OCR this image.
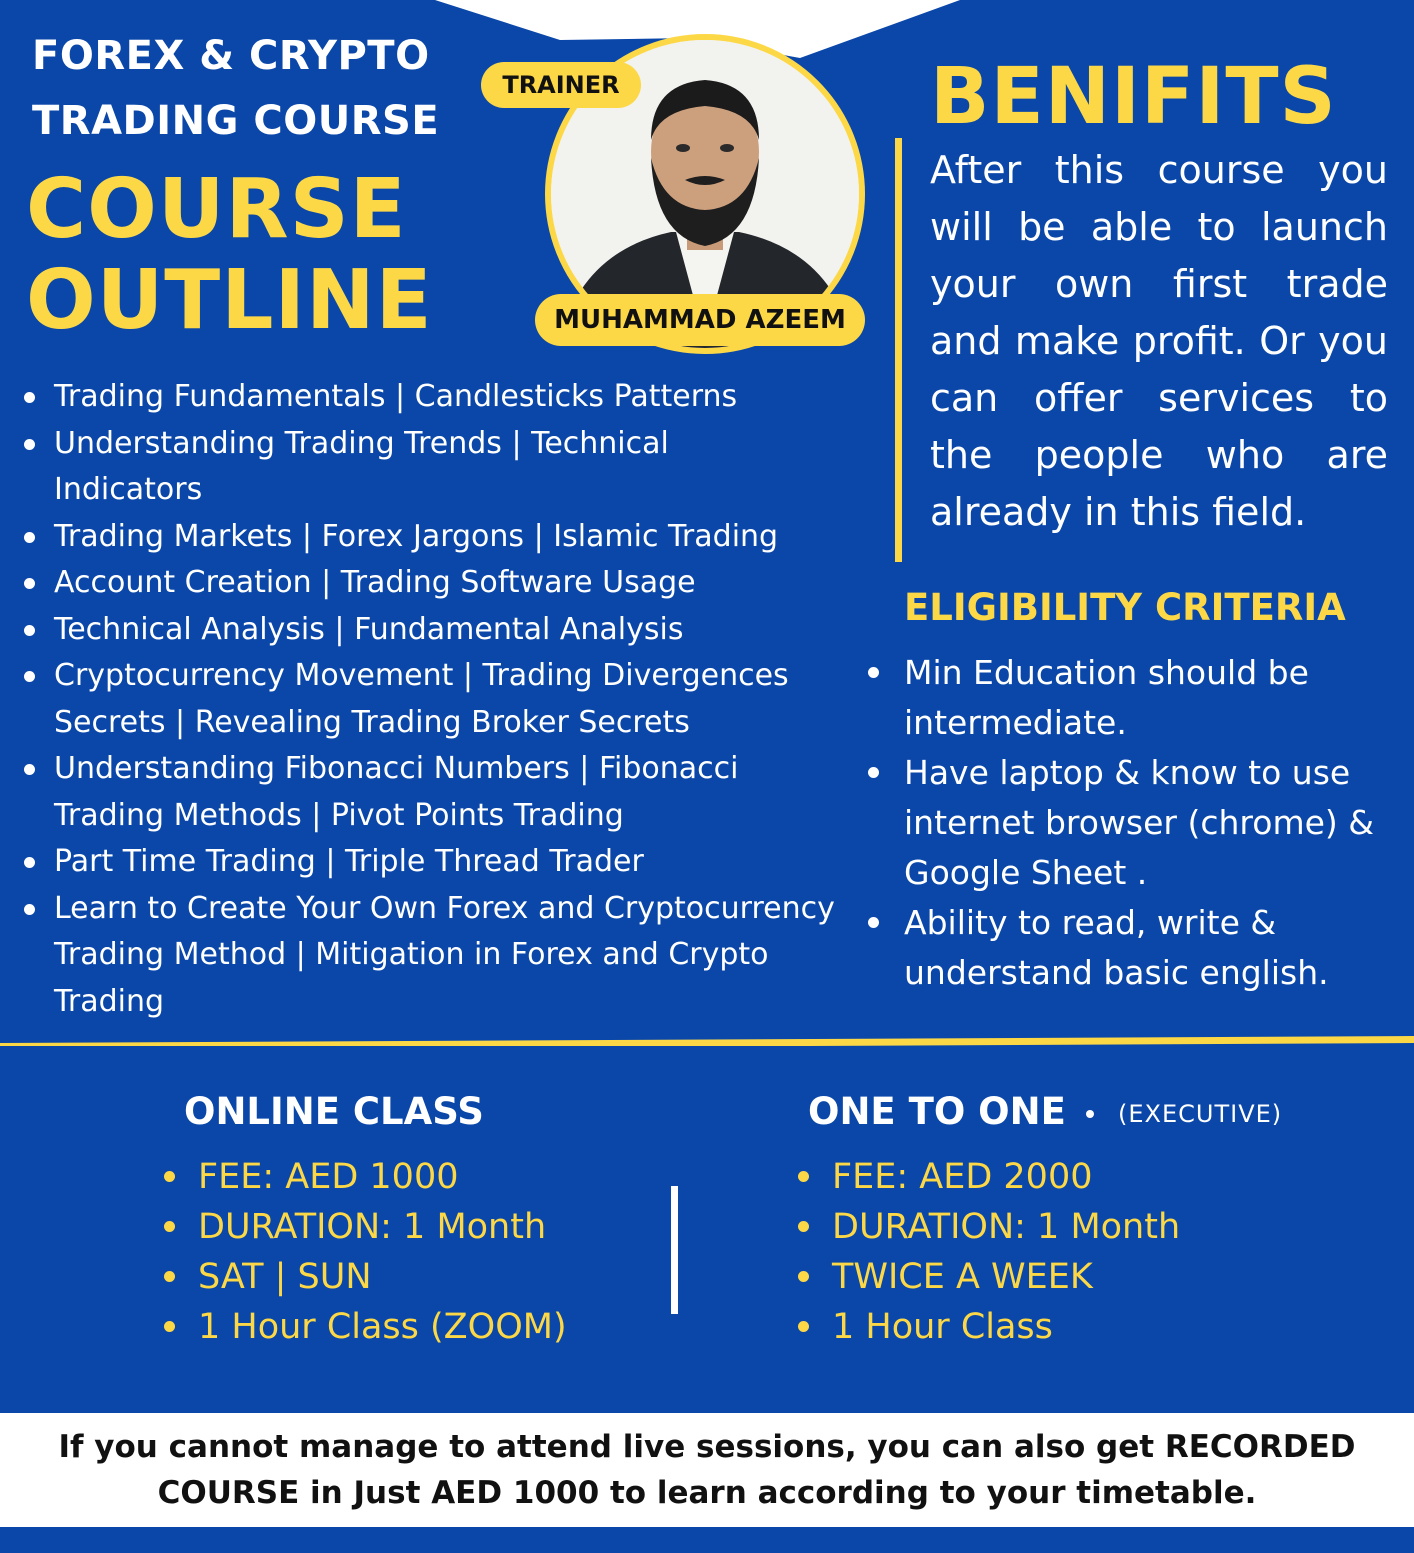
FOREX & CRYPTO
TRADING COURSE
COURSE
OUTLINE
TRAINER
MUHAMMAD AZEEM
Trading Fundamentals | Candlesticks Patterns
Understanding Trading Trends | Technical Indicators
Trading Markets | Forex Jargons | Islamic Trading
Account Creation | Trading Software Usage
Technical Analysis | Fundamental Analysis
Cryptocurrency Movement | Trading Divergences Secrets | Revealing Trading Broker Secrets
Understanding Fibonacci Numbers | Fibonacci Trading Methods | Pivot Points Trading
Part Time Trading | Triple Thread Trader
Learn to Create Your Own Forex and Cryptocurrency Trading Method | Mitigation in Forex and Crypto Trading
BENIFITS
After this course you will be able to launch your own first trade and make profit. Or you can offer services to the people who are already in this field.
ELIGIBILITY CRITERIA
Min Education should be intermediate.
Have laptop & know to use internet browser (chrome) & Google Sheet .
Ability to read, write & understand basic english.
ONLINE CLASS
FEE: AED 1000
DURATION: 1 Month
SAT | SUN
1 Hour Class (ZOOM)
ONE TO ONE (EXECUTIVE)
FEE: AED 2000
DURATION: 1 Month
TWICE A WEEK
1 Hour Class
If you cannot manage to attend live sessions, you can also get RECORDED COURSE in Just AED 1000 to learn according to your timetable.
